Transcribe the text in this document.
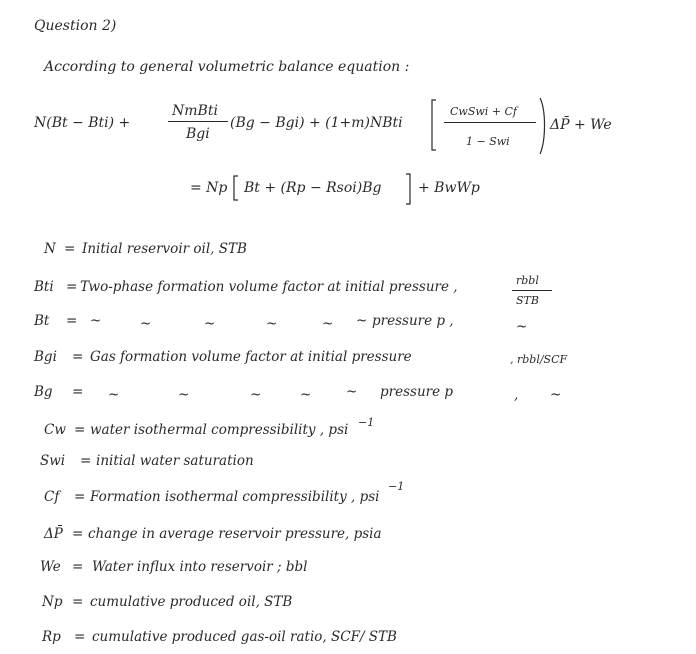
Question 2)
According to general volumetric balance equation :
N(Bt − Bti) +
NmBti
Bgi
(Bg − Bgi) + (1+m)NBti
CwSwi + Cf
1 − Swi
ΔP̄ + We
= Np Bt + (Rp − Rsoi)Bg	+ BwWp
N = Initial reservoir oil, STB
Bti = Two-phase formation volume factor at initial pressure ,	rbbl
STB
Bt = ~	~	~	~	~ ~ pressure p ,	~
Bgi = Gas formation volume factor at initial pressure	, rbbl/SCF
Bg = ~	~	~	~	~ pressure p	, ~
Cw = water isothermal compressibility , psi −1
Swi = initial water saturation
Cf = Formation isothermal compressibility , psi
−1
ΔP̄ = change in average reservoir pressure, psia
We = Water influx into reservoir ; bbl
Np = cumulative produced oil, STB
Rp = cumulative produced gas-oil ratio, SCF/ STB
